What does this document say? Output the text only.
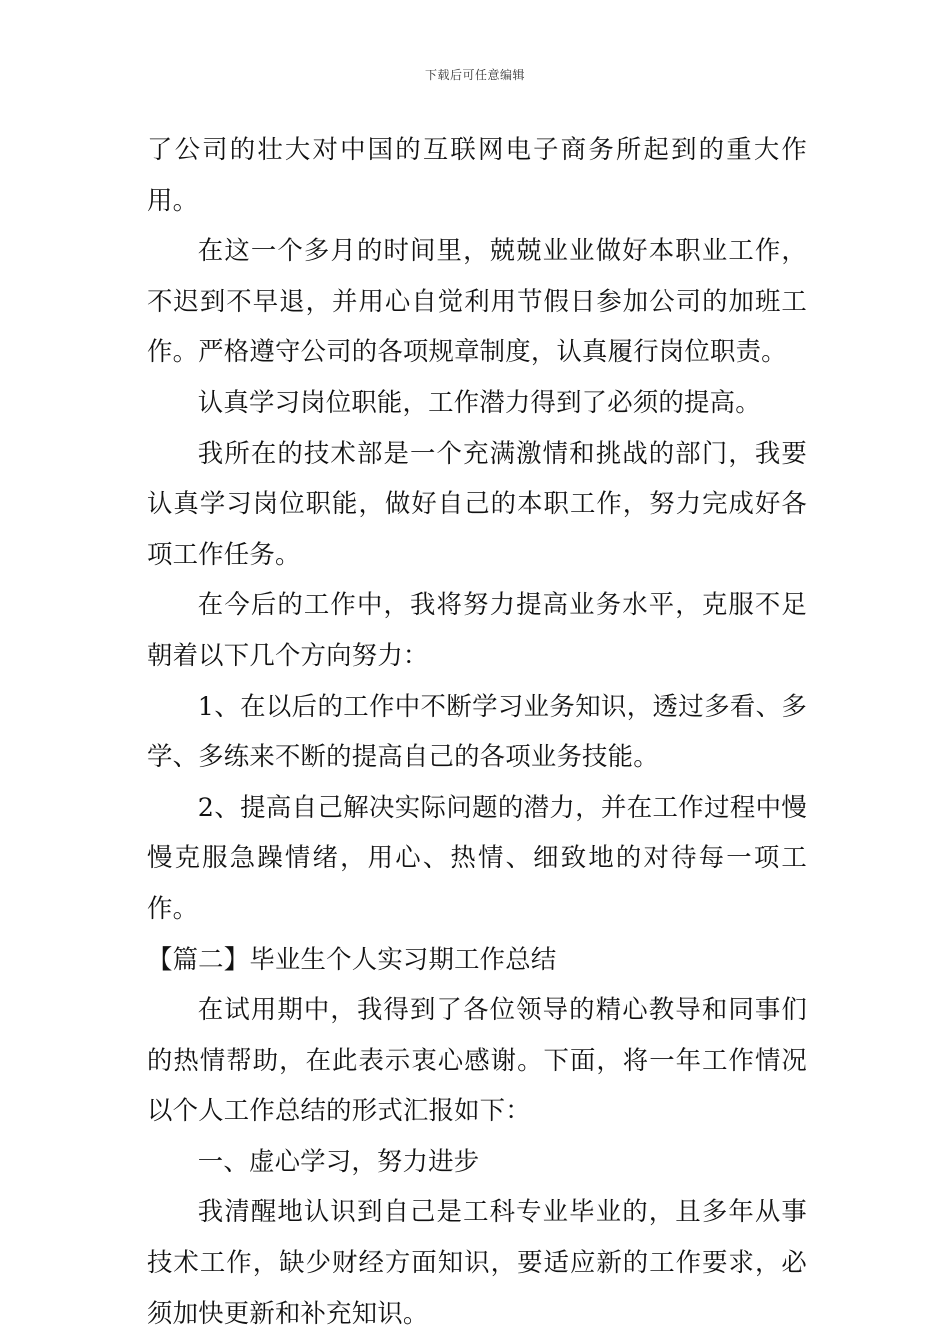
下载后可任意编辑

了公司的壮大对中国的互联网电子商务所起到的重大作用。

在这一个多月的时间里，兢兢业业做好本职业工作，不迟到不早退，并用心自觉利用节假日参加公司的加班工作。严格遵守公司的各项规章制度，认真履行岗位职责。

认真学习岗位职能，工作潜力得到了必须的提高。

我所在的技术部是一个充满激情和挑战的部门，我要认真学习岗位职能，做好自己的本职工作，努力完成好各项工作任务。

在今后的工作中，我将努力提高业务水平，克服不足朝着以下几个方向努力：

1、在以后的工作中不断学习业务知识，透过多看、多学、多练来不断的提高自己的各项业务技能。

2、提高自己解决实际问题的潜力，并在工作过程中慢慢克服急躁情绪，用心、热情、细致地的对待每一项工作。

【篇二】毕业生个人实习期工作总结

在试用期中，我得到了各位领导的精心教导和同事们的热情帮助，在此表示衷心感谢。下面，将一年工作情况以个人工作总结的形式汇报如下：

一、虚心学习，努力进步

我清醒地认识到自己是工科专业毕业的，且多年从事技术工作，缺少财经方面知识，要适应新的工作要求，必须加快更新和补充知识。
